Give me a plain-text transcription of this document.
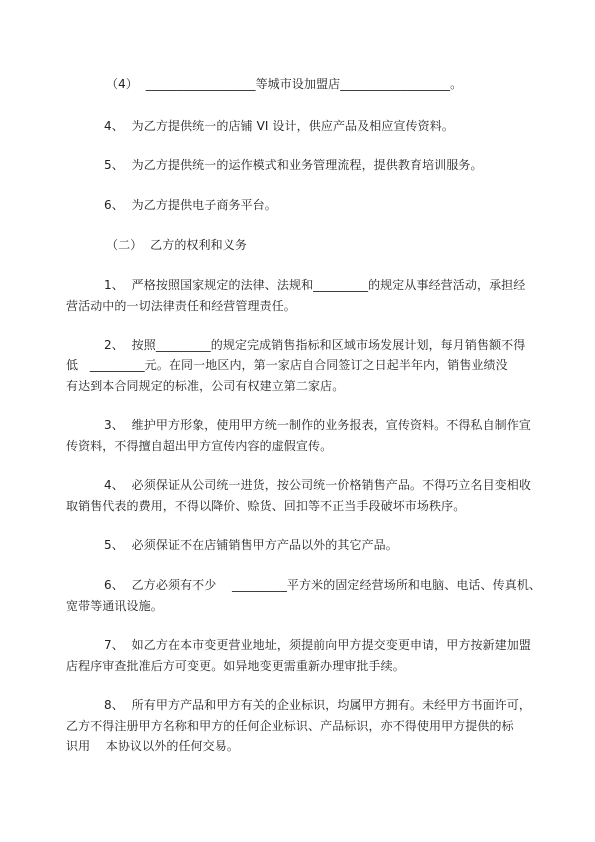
（4）  __________________等城市设加盟店__________________。
4、  为乙方提供统一的店铺 VI 设计，供应产品及相应宣传资料。
5、  为乙方提供统一的运作模式和业务管理流程，提供教育培训服务。
6、  为乙方提供电子商务平台。
（二）  乙方的权利和义务
1、  严格按照国家规定的法律、法规和_________的规定从事经营活动，承担经
营活动中的一切法律责任和经营管理责任。
2、  按照_________的规定完成销售指标和区域市场发展计划，每月销售额不得
低   _________元。在同一地区内，第一家店自合同签订之日起半年内，销售业绩没
有达到本合同规定的标准，公司有权建立第二家店。
3、  维护甲方形象，使用甲方统一制作的业务报表，宣传资料。不得私自制作宣
传资料，不得擅自超出甲方宣传内容的虚假宣传。
4、  必须保证从公司统一进货，按公司统一价格销售产品。不得巧立名目变相收
取销售代表的费用，不得以降价、赊货、回扣等不正当手段破坏市场秩序。
5、  必须保证不在店铺销售甲方产品以外的其它产品。
6、  乙方必须有不少    _________平方米的固定经营场所和电脑、电话、传真机、
宽带等通讯设施。
7、  如乙方在本市变更营业地址，须提前向甲方提交变更申请，甲方按新建加盟
店程序审查批准后方可变更。如异地变更需重新办理审批手续。
8、  所有甲方产品和甲方有关的企业标识，均属甲方拥有。未经甲方书面许可，
乙方不得注册甲方名称和甲方的任何企业标识、产品标识，亦不得使用甲方提供的标
识用    本协议以外的任何交易。
